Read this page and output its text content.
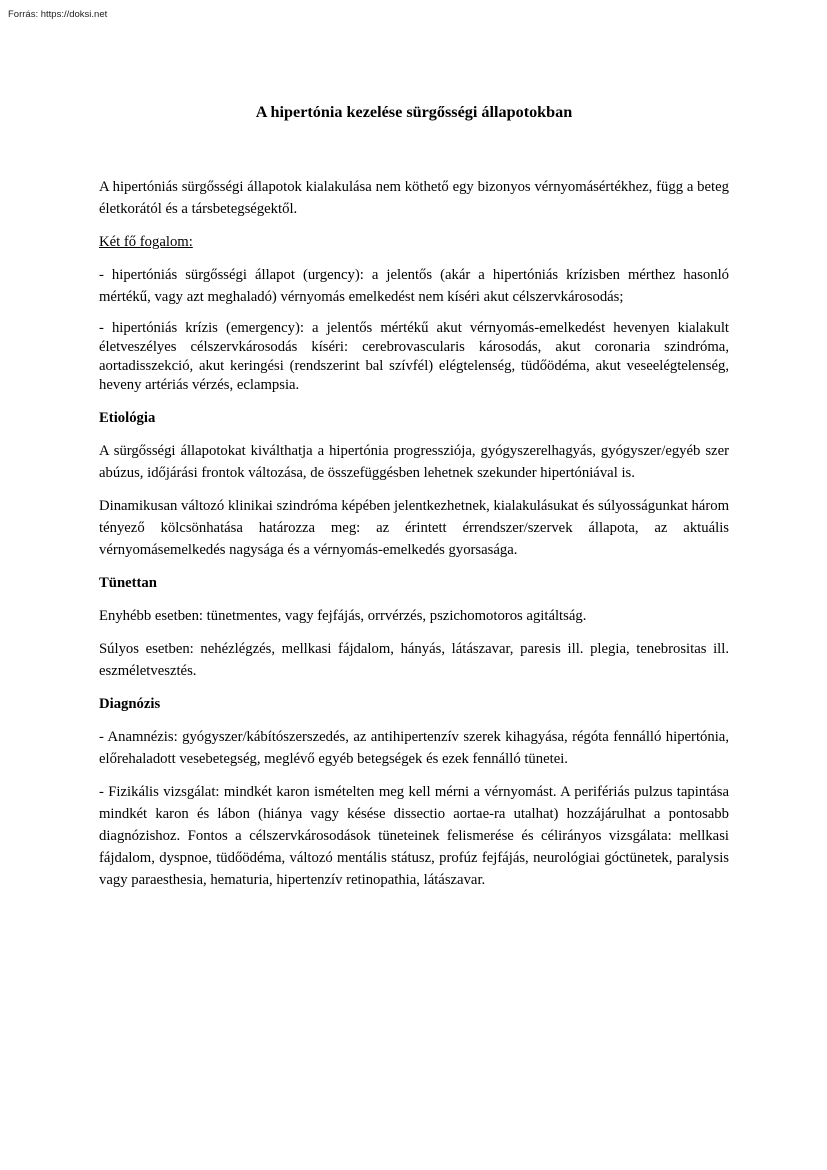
Forrás: https://doksi.net
A hipertónia kezelése sürgősségi állapotokban

A hipertóniás sürgősségi állapotok kialakulása nem köthető egy bizonyos vérnyomásértékhez, függ a beteg életkorától és a társbetegségektől.

Két fő fogalom:

- hipertóniás sürgősségi állapot (urgency): a jelentős (akár a hipertóniás krízisben mérthez hasonló mértékű, vagy azt meghaladó) vérnyomás emelkedést nem kíséri akut célszervkárosodás;

- hipertóniás krízis (emergency): a jelentős mértékű akut vérnyomás-emelkedést hevenyen kialakult életveszélyes célszervkárosodás kíséri: cerebrovascularis károsodás, akut coronaria szindróma, aortadisszekció, akut keringési (rendszerint bal szívfél) elégtelenség, tüdőödéma, akut veseelégtelenség, heveny artériás vérzés, eclampsia.

Etiológia

A sürgősségi állapotokat kiválthatja a hipertónia progressziója, gyógyszerelhagyás, gyógyszer/egyéb szer abúzus, időjárási frontok változása, de összefüggésben lehetnek szekunder hipertóniával is.

Dinamikusan változó klinikai szindróma képében jelentkezhetnek, kialakulásukat és súlyosságunkat három tényező kölcsönhatása határozza meg: az érintett érrendszer/szervek állapota, az aktuális vérnyomásemelkedés nagysága és a vérnyomás-emelkedés gyorsasága.

Tünettan

Enyhébb esetben: tünetmentes, vagy fejfájás, orrvérzés, pszichomotoros agitáltság.

Súlyos esetben: nehézlégzés, mellkasi fájdalom, hányás, látászavar, paresis ill. plegia, tenebrositas ill. eszméletvesztés.

Diagnózis

- Anamnézis: gyógyszer/kábítószerszedés, az antihipertenzív szerek kihagyása, régóta fennálló hipertónia, előrehaladott vesebetegség, meglévő egyéb betegségek és ezek fennálló tünetei.

- Fizikális vizsgálat: mindkét karon ismételten meg kell mérni a vérnyomást. A perifériás pulzus tapintása mindkét karon és lábon (hiánya vagy késése dissectio aortae-ra utalhat) hozzájárulhat a pontosabb diagnózishoz. Fontos a célszervkárosodások tüneteinek felismerése és célirányos vizsgálata: mellkasi fájdalom, dyspnoe, tüdőödéma, változó mentális státusz, profúz fejfájás, neurológiai góctünetek, paralysis vagy paraesthesia, hematuria, hipertenzív retinopathia, látászavar.
